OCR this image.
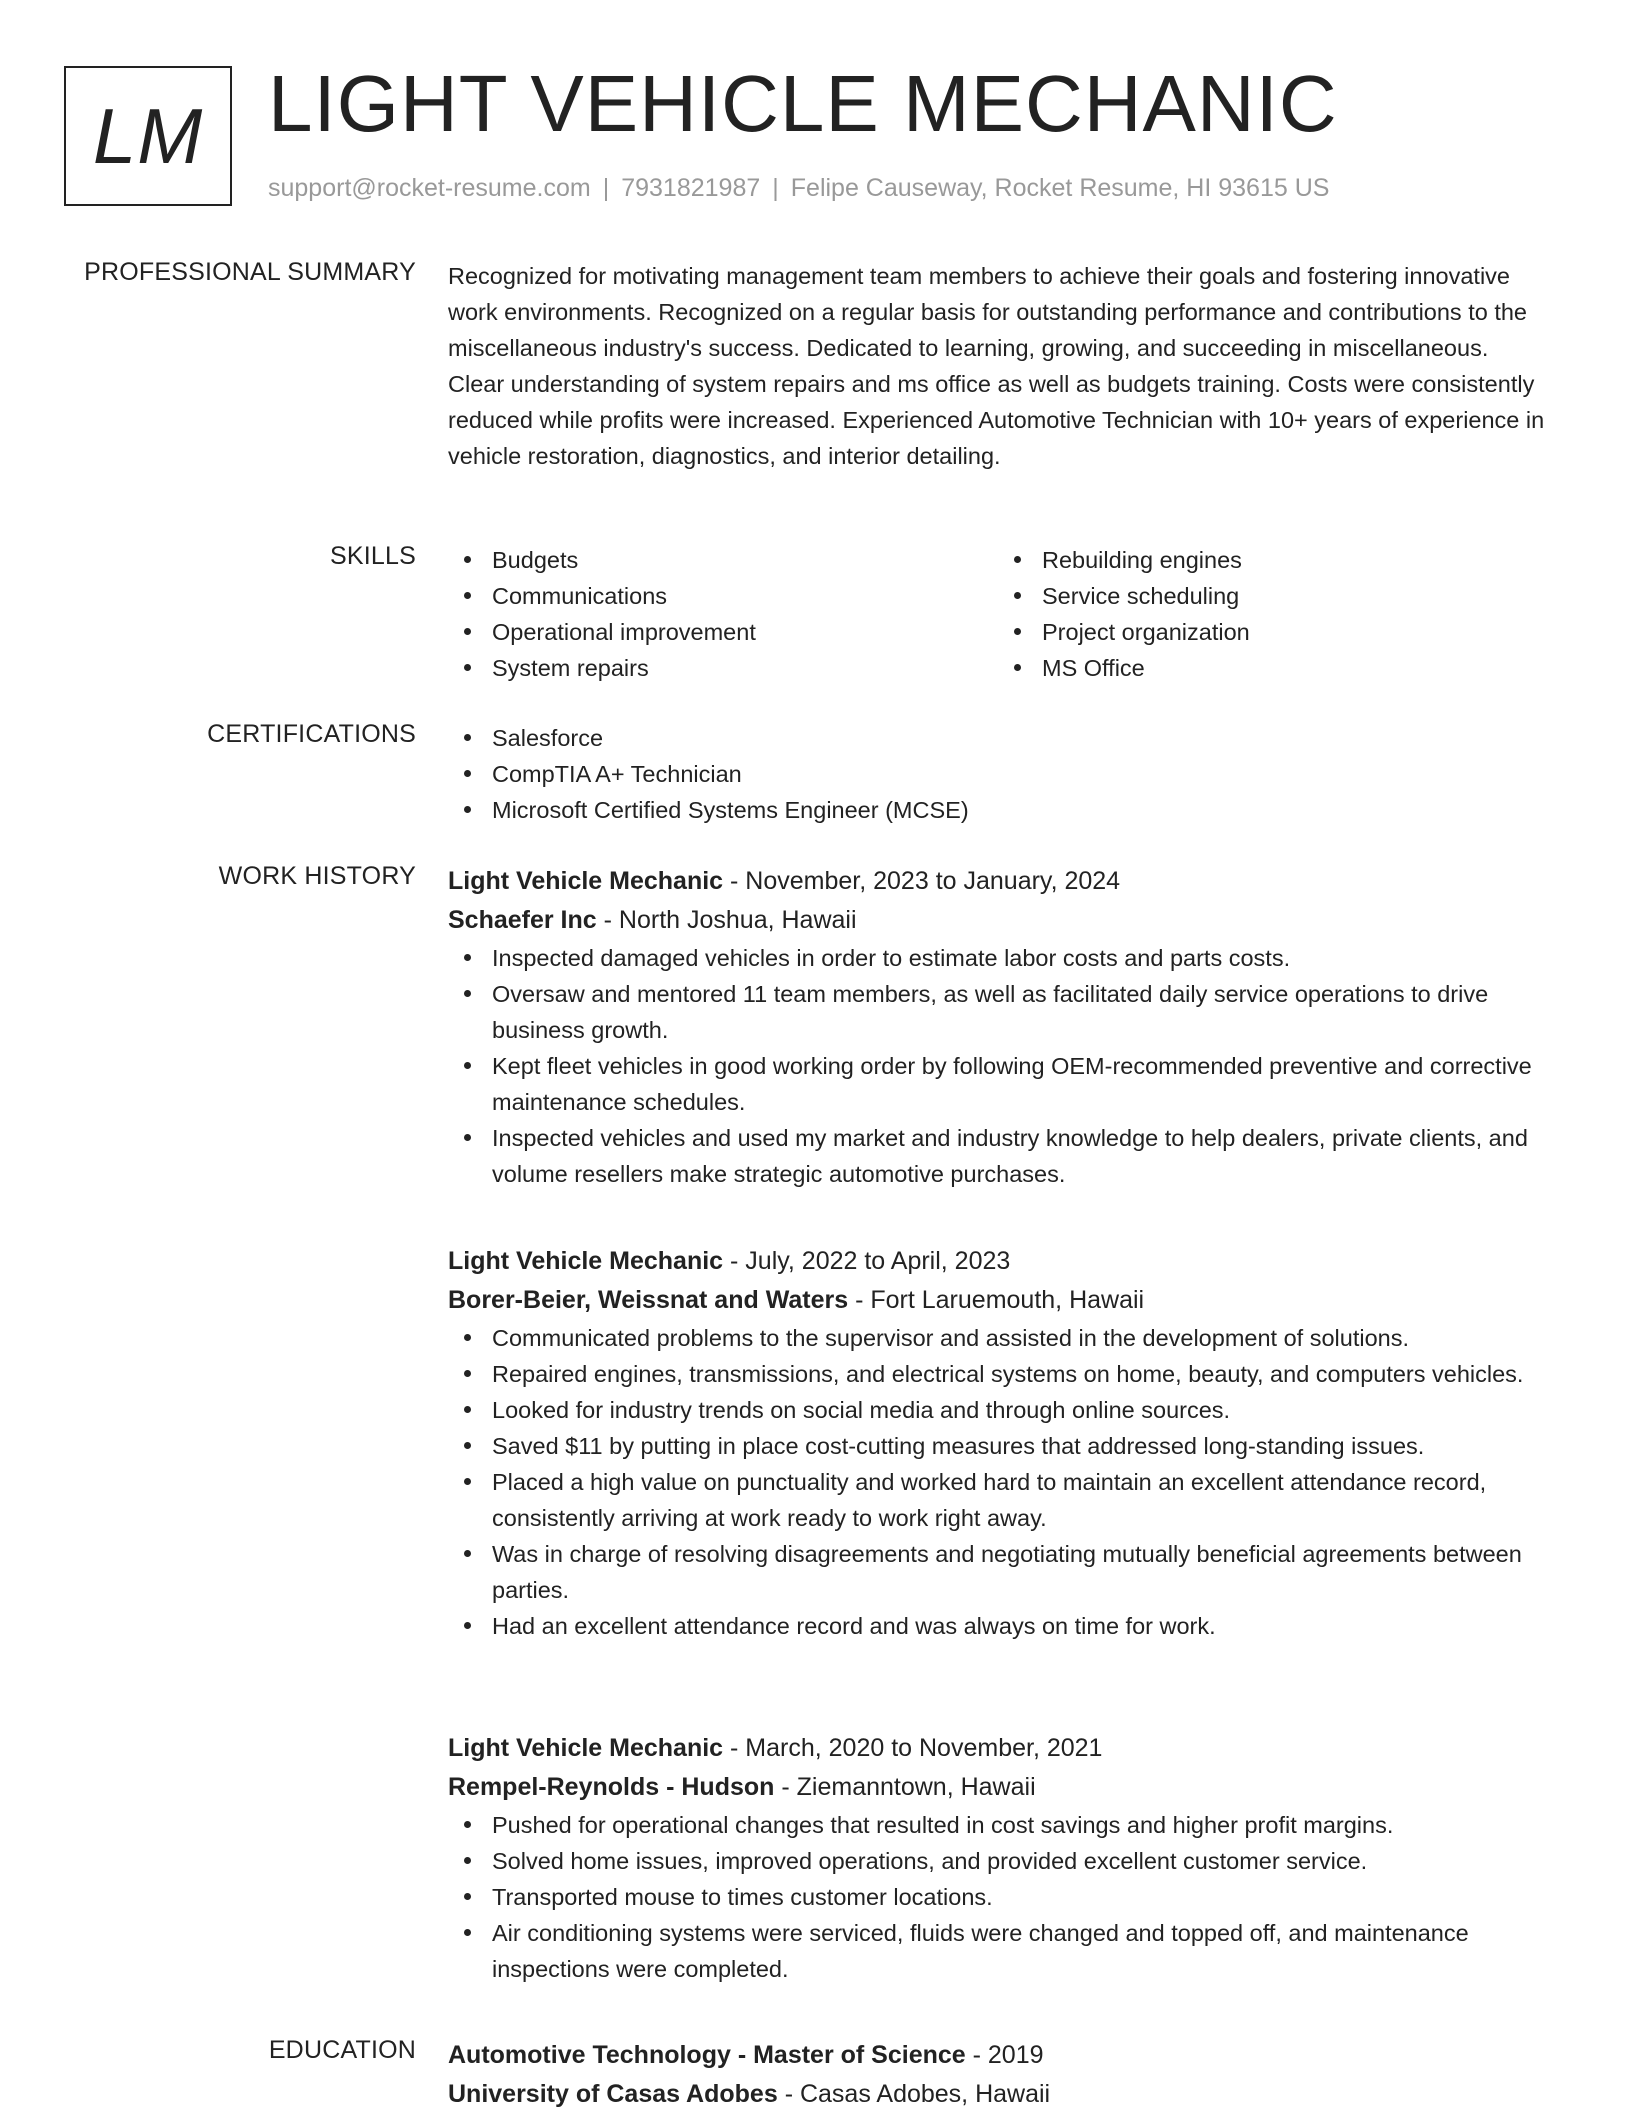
LM LIGHT VEHICLE MECHANIC
support@rocket-resume.com | 7931821987 | Felipe Causeway, Rocket Resume, HI 93615 US
PROFESSIONAL SUMMARY Recognized for motivating management team members to achieve their goals and fostering innovative work environments. Recognized on a regular basis for outstanding performance and contributions to the miscellaneous industry's success. Dedicated to learning, growing, and succeeding in miscellaneous. Clear understanding of system repairs and ms office as well as budgets training. Costs were consistently reduced while profits were increased. Experienced Automotive Technician with 10+ years of experience in vehicle restoration, diagnostics, and interior detailing.

SKILLS	Budgets
Communications
Operational improvement
System repairs
Rebuilding engines
Service scheduling
Project organization
MS Office
CERTIFICATIONS	Salesforce
CompTIA A+ Technician
Microsoft Certified Systems Engineer (MCSE)
WORK HISTORY Light Vehicle Mechanic - November, 2023 to January, 2024
Schaefer Inc - North Joshua, Hawaii
Inspected damaged vehicles in order to estimate labor costs and parts costs.
Oversaw and mentored 11 team members, as well as facilitated daily service operations to drive business growth.
Kept fleet vehicles in good working order by following OEM-recommended preventive and corrective maintenance schedules.
Inspected vehicles and used my market and industry knowledge to help dealers, private clients, and volume resellers make strategic automotive purchases.
Light Vehicle Mechanic - July, 2022 to April, 2023
Borer-Beier, Weissnat and Waters - Fort Laruemouth, Hawaii
Communicated problems to the supervisor and assisted in the development of solutions.
Repaired engines, transmissions, and electrical systems on home, beauty, and computers vehicles.
Looked for industry trends on social media and through online sources.
Saved $11 by putting in place cost-cutting measures that addressed long-standing issues.
Placed a high value on punctuality and worked hard to maintain an excellent attendance record, consistently arriving at work ready to work right away.
Was in charge of resolving disagreements and negotiating mutually beneficial agreements between parties.
Had an excellent attendance record and was always on time for work.
Light Vehicle Mechanic - March, 2020 to November, 2021
Rempel-Reynolds - Hudson - Ziemanntown, Hawaii
Pushed for operational changes that resulted in cost savings and higher profit margins.
Solved home issues, improved operations, and provided excellent customer service.
Transported mouse to times customer locations.
Air conditioning systems were serviced, fluids were changed and topped off, and maintenance inspections were completed.
EDUCATION Automotive Technology - Master of Science - 2019
University of Casas Adobes - Casas Adobes, Hawaii
